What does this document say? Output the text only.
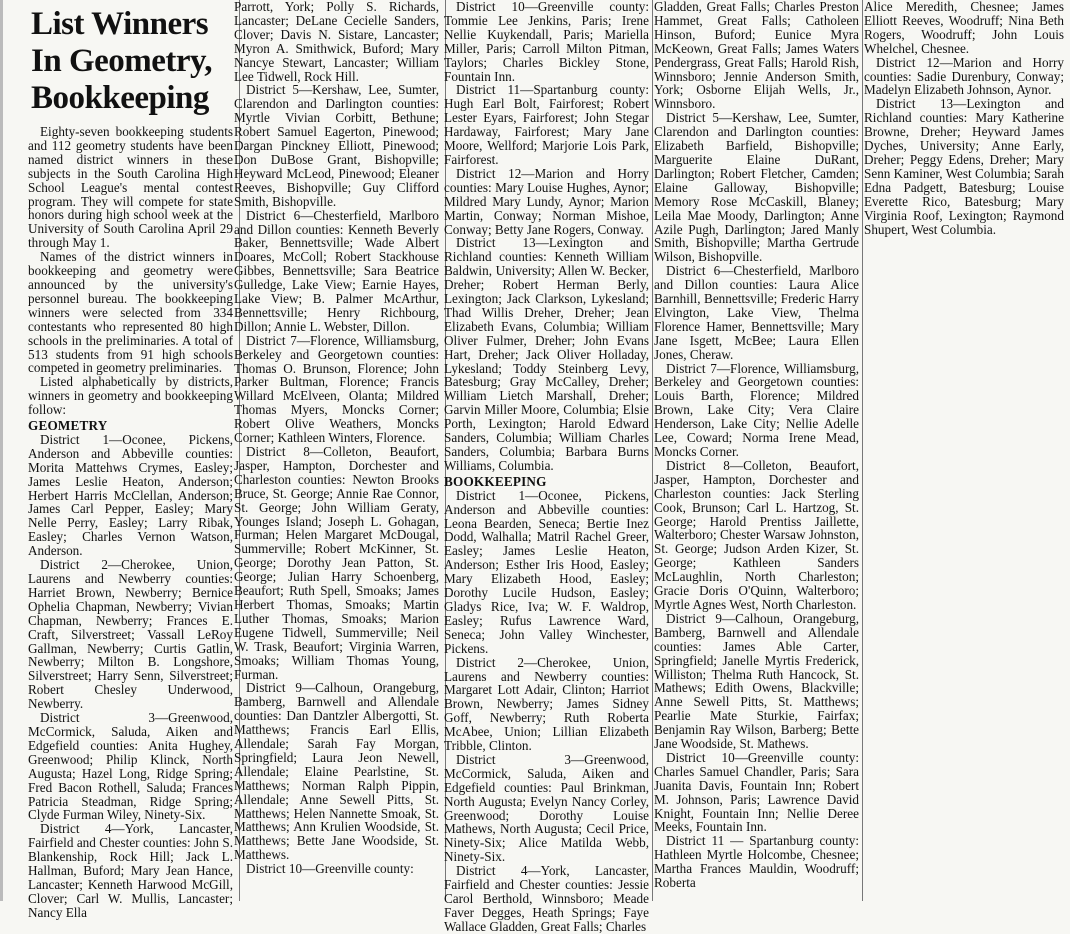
List Winners
In Geometry,
Bookkeeping

Eighty-seven bookkeeping students and 112 geometry students have been named district winners in these subjects in the South Carolina High School League's mental contest program. They will compete for state honors during high school week at the University of South Carolina April 29 through May 1.

Names of the district winners in bookkeeping and geometry were announced by the university's personnel bureau. The bookkeeping winners were selected from 334 contestants who represented 80 high schools in the preliminaries. A total of 513 students from 91 high schools competed in geometry preliminaries.

Listed alphabetically by districts, winners in geometry and bookkeeping follow:

GEOMETRY

District 1—Oconee, Pickens, Anderson and Abbeville counties: Morita Mattehws Crymes, Easley; James Leslie Heaton, Anderson; Herbert Harris McClellan, Anderson; James Carl Pepper, Easley; Mary Nelle Perry, Easley; Larry Ribak, Easley; Charles Vernon Watson, Anderson.

District 2—Cherokee, Union, Laurens and Newberry counties: Harriet Brown, Newberry; Bernice Ophelia Chapman, Newberry; Vivian Chapman, Newberry; Frances E. Craft, Silverstreet; Vassall LeRoy Gallman, Newberry; Curtis Gatlin, Newberry; Milton B. Longshore, Silverstreet; Harry Senn, Silverstreet; Robert Chesley Underwood, Newberry.

District 3—Greenwood, McCormick, Saluda, Aiken and Edgefield counties: Anita Hughey, Greenwood; Philip Klinck, North Augusta; Hazel Long, Ridge Spring; Fred Bacon Rothell, Saluda; Frances Patricia Steadman, Ridge Spring; Clyde Furman Wiley, Ninety-Six.

District 4—York, Lancaster, Fairfield and Chester counties: John S. Blankenship, Rock Hill; Jack L. Hallman, Buford; Mary Jean Hance, Lancaster; Kenneth Harwood McGill, Clover; Carl W. Mullis, Lancaster; Nancy Ella

Parrott, York; Polly S. Richards, Lancaster; DeLane Cecielle Sanders, Clover; Davis N. Sistare, Lancaster; Myron A. Smithwick, Buford; Mary Nancye Stewart, Lancaster; William Lee Tidwell, Rock Hill.

District 5—Kershaw, Lee, Sumter, Clarendon and Darlington counties: Myrtle Vivian Corbitt, Bethune; Robert Samuel Eagerton, Pinewood; Dargan Pinckney Elliott, Pinewood; Don DuBose Grant, Bishopville; Heyward McLeod, Pinewood; Eleaner Reeves, Bishopville; Guy Clifford Smith, Bishopville.

District 6—Chesterfield, Marlboro and Dillon counties: Kenneth Beverly Baker, Bennettsville; Wade Albert Doares, McColl; Robert Stackhouse Gibbes, Bennettsville; Sara Beatrice Gulledge, Lake View; Earnie Hayes, Lake View; B. Palmer McArthur, Bennettsville; Henry Richbourg, Dillon; Annie L. Webster, Dillon.

District 7—Florence, Williamsburg, Berkeley and Georgetown counties: Thomas O. Brunson, Florence; John Parker Bultman, Florence; Francis Willard McElveen, Olanta; Mildred Thomas Myers, Moncks Corner; Robert Olive Weathers, Moncks Corner; Kathleen Winters, Florence.

District 8—Colleton, Beaufort, Jasper, Hampton, Dorchester and Charleston counties: Newton Brooks Bruce, St. George; Annie Rae Connor, St. George; John William Geraty, Younges Island; Joseph L. Gohagan, Furman; Helen Margaret McDougal, Summerville; Robert McKinner, St. George; Dorothy Jean Patton, St. George; Julian Harry Schoenberg, Beaufort; Ruth Spell, Smoaks; James Herbert Thomas, Smoaks; Martin Luther Thomas, Smoaks; Marion Eugene Tidwell, Summerville; Neil W. Trask, Beaufort; Virginia Warren, Smoaks; William Thomas Young, Furman.

District 9—Calhoun, Orangeburg, Bamberg, Barnwell and Allendale counties: Dan Dantzler Albergotti, St. Matthews; Francis Earl Ellis, Allendale; Sarah Fay Morgan, Springfield; Laura Jeon Newell, Allendale; Elaine Pearlstine, St. Matthews; Norman Ralph Pippin, Allendale; Anne Sewell Pitts, St. Matthews; Helen Nannette Smoak, St. Matthews; Ann Krulien Woodside, St. Matthews; Bette Jane Woodside, St. Matthews.

District 10—Greenville county:

District 10—Greenville county: Tommie Lee Jenkins, Paris; Irene Nellie Kuykendall, Paris; Mariella Miller, Paris; Carroll Milton Pitman, Taylors; Charles Bickley Stone, Fountain Inn.

District 11—Spartanburg county: Hugh Earl Bolt, Fairforest; Robert Lester Eyars, Fairforest; John Stegar Hardaway, Fairforest; Mary Jane Moore, Wellford; Marjorie Lois Park, Fairforest.

District 12—Marion and Horry counties: Mary Louise Hughes, Aynor; Mildred Mary Lundy, Aynor; Marion Martin, Conway; Norman Mishoe, Conway; Betty Jane Rogers, Conway.

District 13—Lexington and Richland counties: Kenneth William Baldwin, University; Allen W. Becker, Dreher; Robert Herman Berly, Lexington; Jack Clarkson, Lykesland; Thad Willis Dreher, Dreher; Jean Elizabeth Evans, Columbia; William Oliver Fulmer, Dreher; John Evans Hart, Dreher; Jack Oliver Holladay, Lykesland; Toddy Steinberg Levy, Batesburg; Gray McCalley, Dreher; William Lietch Marshall, Dreher; Garvin Miller Moore, Columbia; Elsie Porth, Lexington; Harold Edward Sanders, Columbia; William Charles Sanders, Columbia; Barbara Burns Williams, Columbia.

BOOKKEEPING

District 1—Oconee, Pickens, Anderson and Abbeville counties: Leona Bearden, Seneca; Bertie Inez Dodd, Walhalla; Matril Rachel Greer, Easley; James Leslie Heaton, Anderson; Esther Iris Hood, Easley; Mary Elizabeth Hood, Easley; Dorothy Lucile Hudson, Easley; Gladys Rice, Iva; W. F. Waldrop, Easley; Rufus Lawrence Ward, Seneca; John Valley Winchester, Pickens.

District 2—Cherokee, Union, Laurens and Newberry counties: Margaret Lott Adair, Clinton; Harriot Brown, Newberry; James Sidney Goff, Newberry; Ruth Roberta McAbee, Union; Lillian Elizabeth Tribble, Clinton.

District 3—Greenwood, McCormick, Saluda, Aiken and Edgefield counties: Paul Brinkman, North Augusta; Evelyn Nancy Corley, Greenwood; Dorothy Louise Mathews, North Augusta; Cecil Price, Ninety-Six; Alice Matilda Webb, Ninety-Six.

District 4—York, Lancaster, Fairfield and Chester counties: Jessie Carol Berthold, Winnsboro; Meade Faver Degges, Heath Springs; Faye Wallace Gladden, Great Falls; Charles

Gladden, Great Falls; Charles Preston Hammet, Great Falls; Catholeen Hinson, Buford; Eunice Myra McKeown, Great Falls; James Waters Pendergrass, Great Falls; Harold Rish, Winnsboro; Jennie Anderson Smith, York; Osborne Elijah Wells, Jr., Winnsboro.

District 5—Kershaw, Lee, Sumter, Clarendon and Darlington counties: Elizabeth Barfield, Bishopville; Marguerite Elaine DuRant, Darlington; Robert Fletcher, Camden; Elaine Galloway, Bishopville; Memory Rose McCaskill, Blaney; Leila Mae Moody, Darlington; Anne Azile Pugh, Darlington; Jared Manly Smith, Bishopville; Martha Gertrude Wilson, Bishopville.

District 6—Chesterfield, Marlboro and Dillon counties: Laura Alice Barnhill, Bennettsville; Frederic Harry Elvington, Lake View, Thelma Florence Hamer, Bennettsville; Mary Jane Isgett, McBee; Laura Ellen Jones, Cheraw.

District 7—Florence, Williamsburg, Berkeley and Georgetown counties: Louis Barth, Florence; Mildred Brown, Lake City; Vera Claire Henderson, Lake City; Nellie Adelle Lee, Coward; Norma Irene Mead, Moncks Corner.

District 8—Colleton, Beaufort, Jasper, Hampton, Dorchester and Charleston counties: Jack Sterling Cook, Brunson; Carl L. Hartzog, St. George; Harold Prentiss Jaillette, Walterboro; Chester Warsaw Johnston, St. George; Judson Arden Kizer, St. George; Kathleen Sanders McLaughlin, North Charleston; Gracie Doris O'Quinn, Walterboro; Myrtle Agnes West, North Charleston.

District 9—Calhoun, Orangeburg, Bamberg, Barnwell and Allendale counties: James Able Carter, Springfield; Janelle Myrtis Frederick, Williston; Thelma Ruth Hancock, St. Mathews; Edith Owens, Blackville; Anne Sewell Pitts, St. Matthews; Pearlie Mate Sturkie, Fairfax; Benjamin Ray Wilson, Barberg; Bette Jane Woodside, St. Mathews.

District 10—Greenville county: Charles Samuel Chandler, Paris; Sara Juanita Davis, Fountain Inn; Robert M. Johnson, Paris; Lawrence David Knight, Fountain Inn; Nellie Deree Meeks, Fountain Inn.

District 11 — Spartanburg county: Hathleen Myrtle Holcombe, Chesnee; Martha Frances Mauldin, Woodruff; Roberta

Alice Meredith, Chesnee; James Elliott Reeves, Woodruff; Nina Beth Rogers, Woodruff; John Louis Whelchel, Chesnee.

District 12—Marion and Horry counties: Sadie Durenbury, Conway; Madelyn Elizabeth Johnson, Aynor.

District 13—Lexington and Richland counties: Mary Katherine Browne, Dreher; Heyward James Dyches, University; Anne Early, Dreher; Peggy Edens, Dreher; Mary Senn Kaminer, West Columbia; Sarah Edna Padgett, Batesburg; Louise Everette Rico, Batesburg; Mary Virginia Roof, Lexington; Raymond Shupert, West Columbia.
